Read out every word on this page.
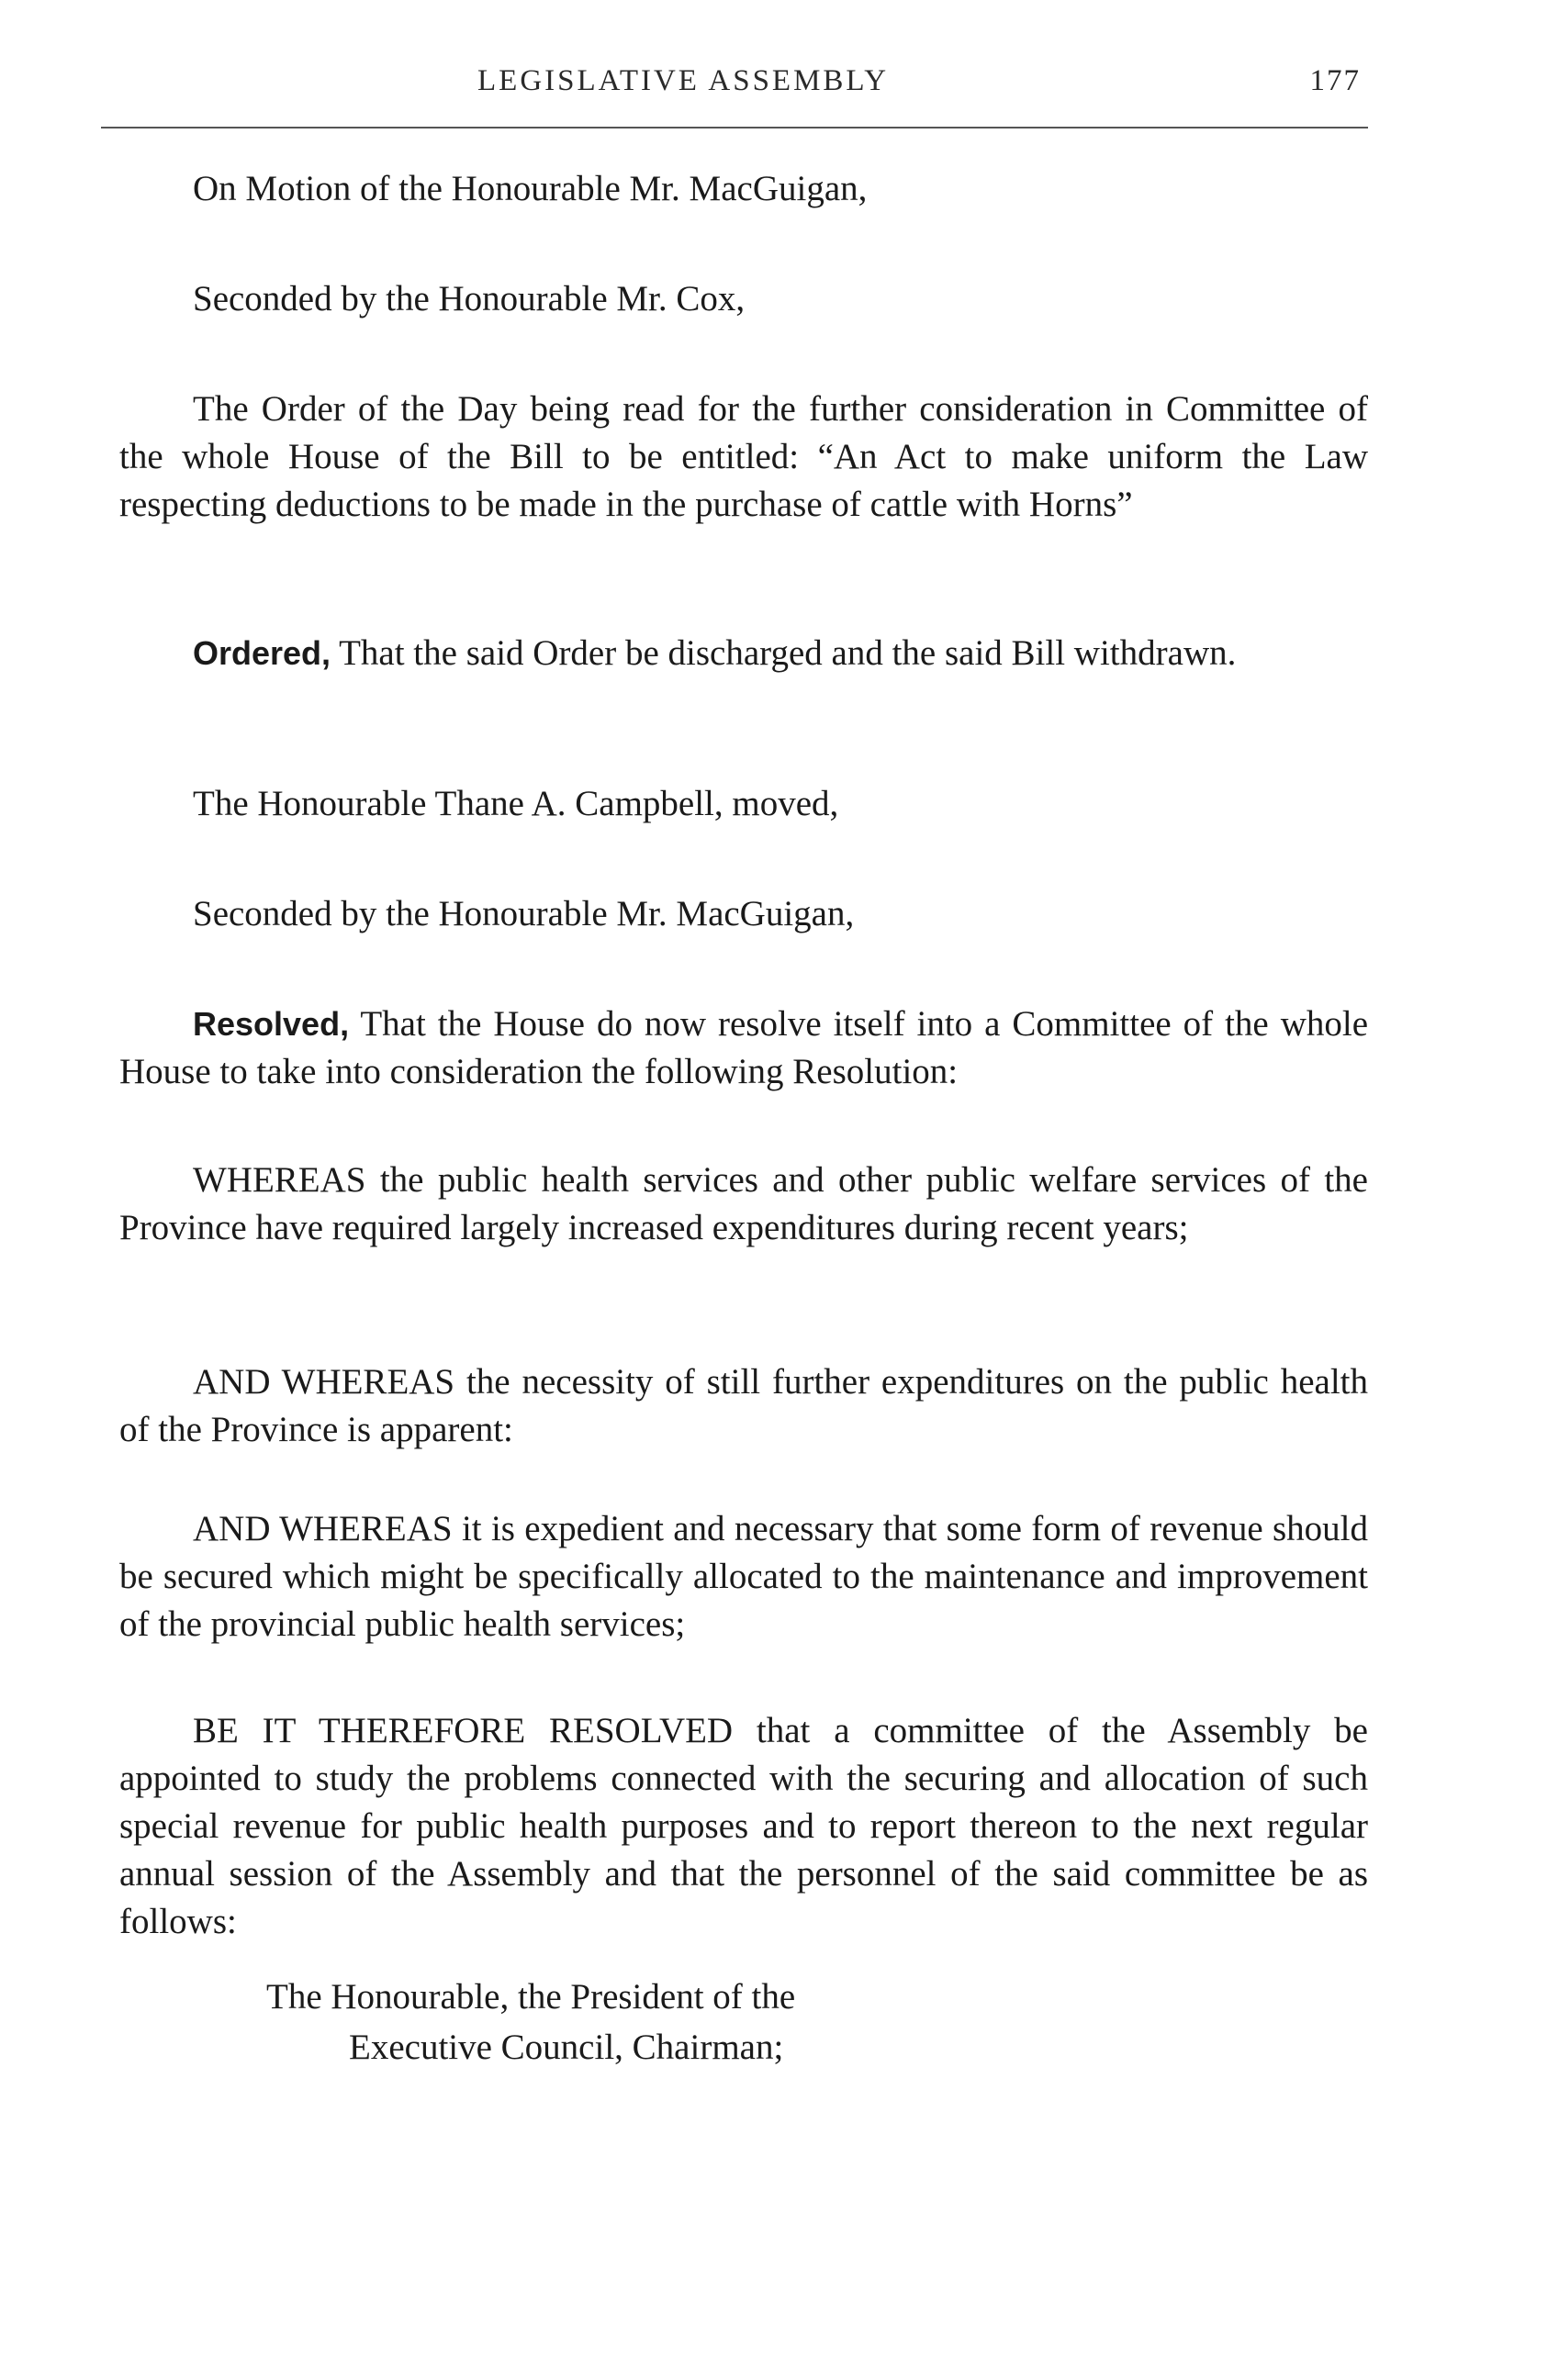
LEGISLATIVE ASSEMBLY	177

On Motion of the Honourable Mr. MacGuigan,

Seconded by the Honourable Mr. Cox,

The Order of the Day being read for the further consideration in Committee of the whole House of the Bill to be entitled: “An Act to make uniform the Law respecting deductions to be made in the purchase of cattle with Horns”

Ordered, That the said Order be discharged and the said Bill withdrawn.

The Honourable Thane A. Campbell, moved,

Seconded by the Honourable Mr. MacGuigan,

Resolved, That the House do now resolve itself into a Committee of the whole House to take into consideration the following Resolution:

WHEREAS the public health services and other public welfare services of the Province have required largely increased expenditures during recent years;

AND WHEREAS the necessity of still further expenditures on the public health of the Province is apparent:

AND WHEREAS it is expedient and necessary that some form of revenue should be secured which might be specifically allocated to the maintenance and improvement of the provincial public health services;

BE IT THEREFORE RESOLVED that a committee of the Assembly be appointed to study the problems connected with the securing and allocation of such special revenue for public health purposes and to report thereon to the next regular annual session of the Assembly and that the personnel of the said committee be as follows:

The Honourable, the President of the

Executive Council, Chairman;
